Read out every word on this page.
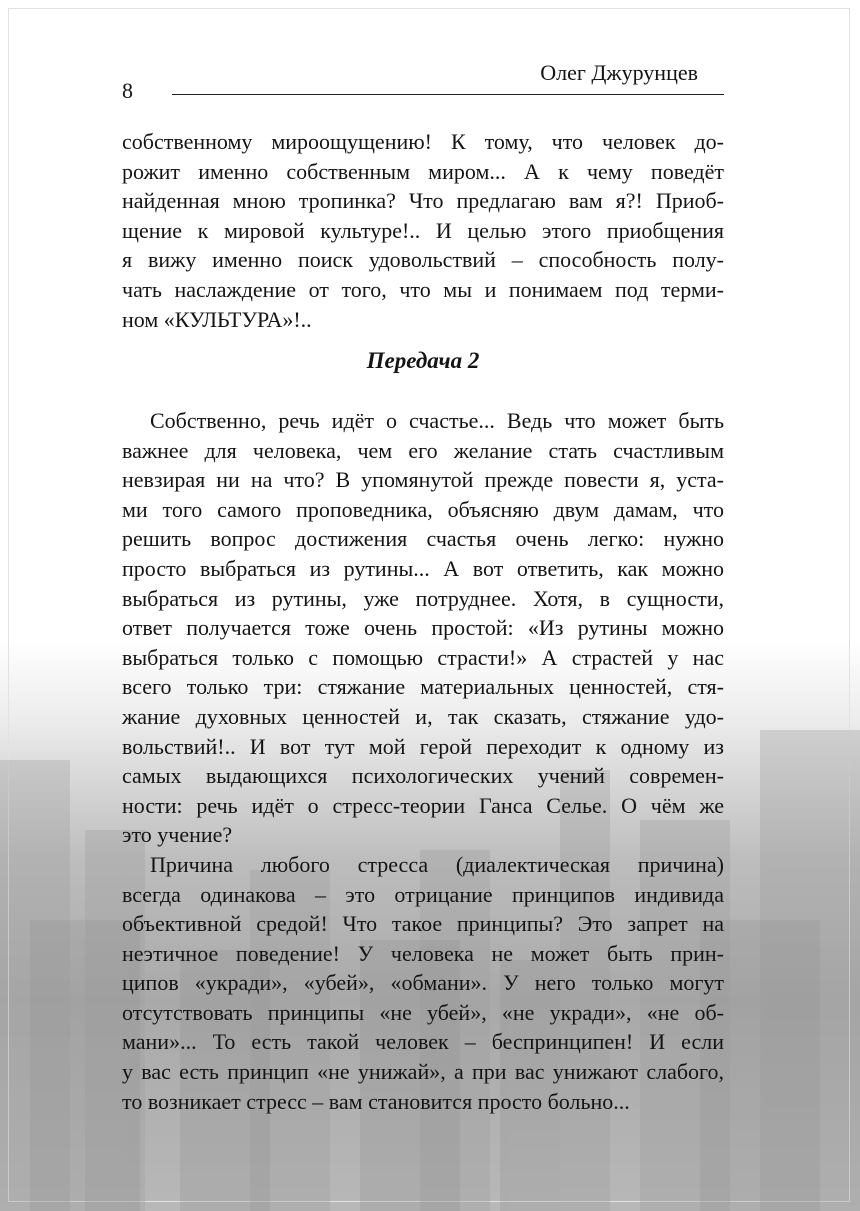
8
Олег Джурунцев
собственному мироощущению! К тому, что человек до-
рожит именно собственным миром... А к чему поведёт
найденная мною тропинка? Что предлагаю вам я?! Приоб-
щение к мировой культуре!.. И целью этого приобщения
я вижу именно поиск удовольствий – способность полу-
чать наслаждение от того, что мы и понимаем под терми-
ном «КУЛЬТУРА»!..
Передача 2
Собственно, речь идёт о счастье... Ведь что может быть
важнее для человека, чем его желание стать счастливым
невзирая ни на что? В упомянутой прежде повести я, уста-
ми того самого проповедника, объясняю двум дамам, что
решить вопрос достижения счастья очень легко: нужно
просто выбраться из рутины... А вот ответить, как можно
выбраться из рутины, уже потруднее. Хотя, в сущности,
ответ получается тоже очень простой: «Из рутины можно
выбраться только с помощью страсти!» А страстей у нас
всего только три: стяжание материальных ценностей, стя-
жание духовных ценностей и, так сказать, стяжание удо-
вольствий!.. И вот тут мой герой переходит к одному из
самых выдающихся психологических учений современ-
ности: речь идёт о стресс-теории Ганса Селье. О чём же
это учение?
Причина любого стресса (диалектическая причина)
всегда одинакова – это отрицание принципов индивида
объективной средой! Что такое принципы? Это запрет на
неэтичное поведение! У человека не может быть прин-
ципов «укради», «убей», «обмани». У него только могут
отсутствовать принципы «не убей», «не укради», «не об-
мани»... То есть такой человек – беспринципен! И если
у вас есть принцип «не унижай», а при вас унижают слабого,
то возникает стресс – вам становится просто больно...
